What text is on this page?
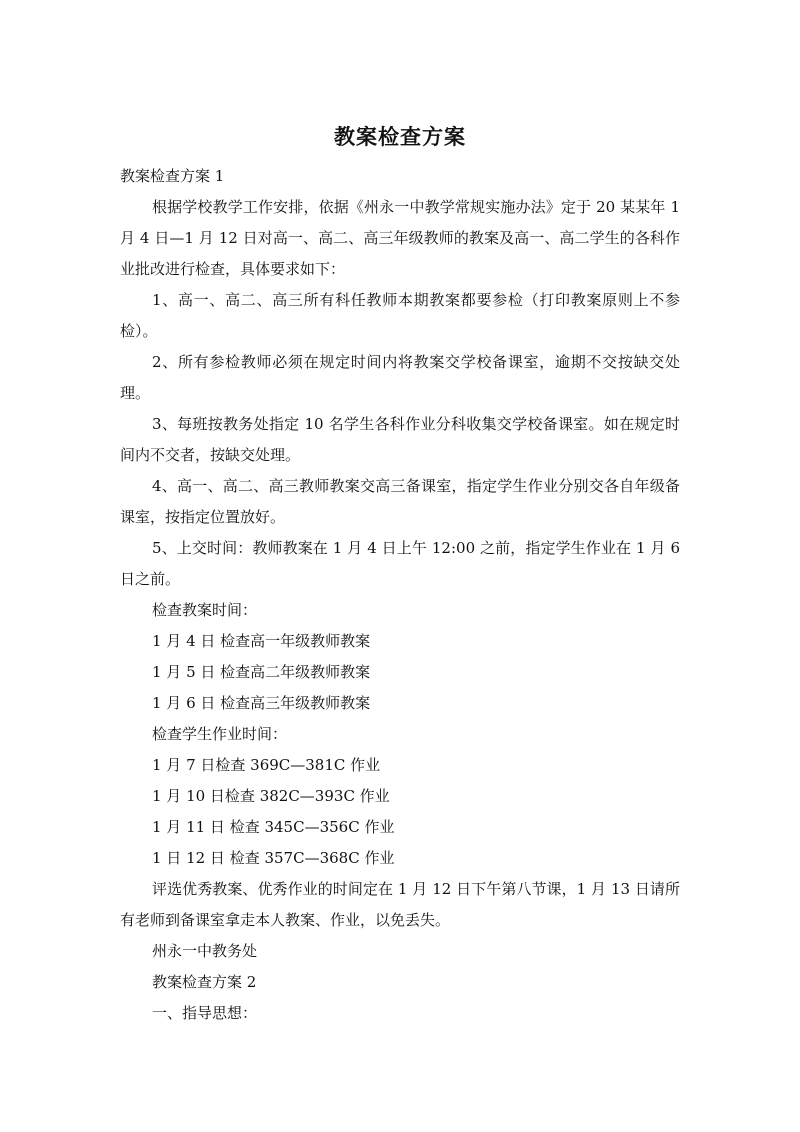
教案检查方案

教案检查方案 1

根据学校教学工作安排，依据《州永一中教学常规实施办法》定于 20 某某年 1 月 4 日—1 月 12 日对高一、高二、高三年级教师的教案及高一、高二学生的各科作业批改进行检查，具体要求如下：

1、高一、高二、高三所有科任教师本期教案都要参检（打印教案原则上不参检）。

2、所有参检教师必须在规定时间内将教案交学校备课室，逾期不交按缺交处理。

3、每班按教务处指定 10 名学生各科作业分科收集交学校备课室。如在规定时间内不交者，按缺交处理。

4、高一、高二、高三教师教案交高三备课室，指定学生作业分别交各自年级备课室，按指定位置放好。

5、上交时间：教师教案在 1 月 4 日上午 12:00 之前，指定学生作业在 1 月 6 日之前。

检查教案时间：

1 月 4 日 检查高一年级教师教案

1 月 5 日 检查高二年级教师教案

1 月 6 日 检查高三年级教师教案

检查学生作业时间：

1 月 7 日检查 369C—381C 作业

1 月 10 日检查 382C—393C 作业

1 月 11 日 检查 345C—356C 作业

1 日 12 日 检查 357C—368C 作业

评选优秀教案、优秀作业的时间定在 1 月 12 日下午第八节课，1 月 13 日请所有老师到备课室拿走本人教案、作业，以免丢失。

州永一中教务处

教案检查方案 2

一、指导思想：
